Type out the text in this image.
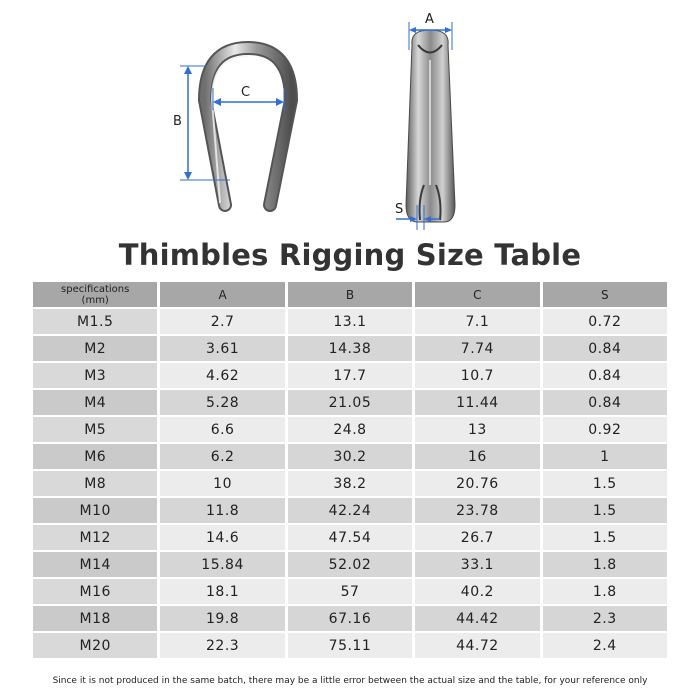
B
C
A
S
Thimbles Rigging Size Table
specifications
(mm)	A	B	C	S
M1.5	2.7	13.1	7.1	0.72
M2	3.61	14.38	7.74	0.84
M3	4.62	17.7	10.7	0.84
M4	5.28	21.05	11.44	0.84
M5	6.6	24.8	13	0.92
M6	6.2	30.2	16	1
M8	10	38.2	20.76	1.5
M10	11.8	42.24	23.78	1.5
M12	14.6	47.54	26.7	1.5
M14	15.84	52.02	33.1	1.8
M16	18.1	57	40.2	1.8
M18	19.8	67.16	44.42	2.3
M20	22.3	75.11	44.72	2.4

Since it is not produced in the same batch, there may be a little error between the actual size and the table, for your reference only
